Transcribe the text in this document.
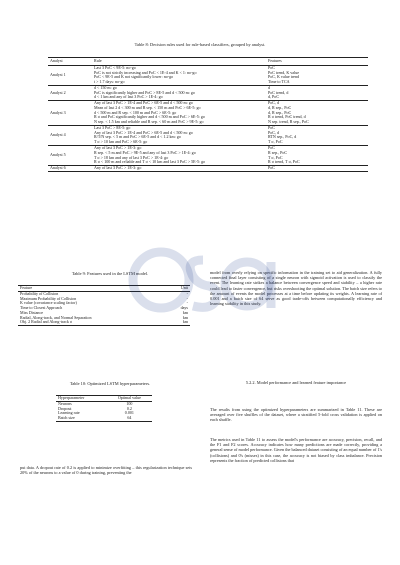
Table 8: Decision rules used for rule-based classifiers, grouped by analyst.
Analyst	Rule	Features
Analyst 1	Last 3 PoC < 9E-5: no-go	PoC
	PoC is not strictly increasing and PoC < 1E-4 and K < 1: no-go	PoC trend, K value
	PoC < 9E-5 and K not significantly lower: no-go	PoC, K value trend
	t > 1.7 days: no-go	Time to TCA
Analyst 2	d < 150 m: go	d
	PoC is significantly higher and PoC > 8E-5 and d < 500 m: go	PoC trend, d
	d < 1 km and any of last 3 PoC > 1E-4: go	d, PoC
Analyst 3	Any of last 3 PoC > 1E-4 and PoC > 6E-5 and d < 500 m: go	PoC, d
	Mean of last 2 d < 300 m and R sep. < 150 m and PoC > 6E-5: go	d, R sep., PoC
	d < 500 m and R sep. < 100 m and PoC > 6E-5: go	d, R sep., PoC
	R σ and PoC significantly higher and d < 500 m and PoC > 6E-5: go	R σ trend, PoC trend, d
	N sep. < 1.5 km and reliable and R sep. < 60 m and PoC > 9E-5: go	N sep. trend, R sep., PoC
Analyst 4	Last 3 PoC > 8E-5: go	PoC
	Any of last 3 PoC > 1E-4 and PoC > 6E-5 and d < 500 m: go	PoC, d
	R/T/N sep. < 5 m and PoC > 6E-5 and d < 1.2 km: go	RTN sep., PoC, d
	T σ > 10 km and PoC > 6E-5: go	T σ, PoC
Analyst 5	Any of last 3 PoC > 1E-3: go	PoC
	R sep. < 5 m and PoC > 9E-5 and any of last 3 PoC > 1E-4: go	R sep., PoC
	T σ > 18 km and any of last 3 PoC > 1E-4: go	T σ, PoC
	R σ < 100 m and reliable and T σ < 10 km and last 3 PoC > 5E-5: go	R σ trend, T σ, PoC
Analyst 6	Any of last 3 PoC > 1E-3: go	PoC
Table 9: Features used in the LSTM model.
Feature	Unit
Probability of Collision	-
Maximum Probability of Collision	-
K value (covariance scaling factor)	-
Time to Closest Approach	days
Miss Distance	km
Radial, Along-track, and Normal Separation	km
Obj. 2 Radial and Along-track σ	km
Table 10: Optimized LSTM hyperparameters.
Hyperparameter	Optimal value
Neurons	100
Dropout	0.2
Learning rate	0.001
Batch size	64

put data. A dropout rate of 0.2 is applied to minimize overfitting – this regularization technique sets 20% of the neurons to a value of 0 during training, preventing the

model from overly relying on specific information in the training set to aid generalization. A fully connected final layer consisting of a single neuron with sigmoid activation is used to classify the event. The learning rate strikes a balance between convergence speed and stability – a higher rate could lead to faster convergence, but risks overshooting the optimal solution. The batch size refers to the amount of events the model processes at a time before updating its weights. A learning rate of 0.001 and a batch size of 64 serve as good trade-offs between computationally efficiency and learning stability in this study.

5.2.2. Model performance and learned feature importance

The results from using the optimized hyperparameters are summarized in Table 11. These are averaged over five shuffles of the dataset, where a stratified 5-fold cross validation is applied on each shuffle.

The metrics used in Table 11 to assess the model's performance are accuracy, precision, recall, and the F1 and F2 scores. Accuracy indicates how many predictions are made correctly, providing a general sense of model performance. Given the balanced dataset consisting of an equal number of 1's (collisions) and 0's (misses) in this case, the accuracy is not biased by class imbalance. Precision represents the fraction of predicted collisions that
